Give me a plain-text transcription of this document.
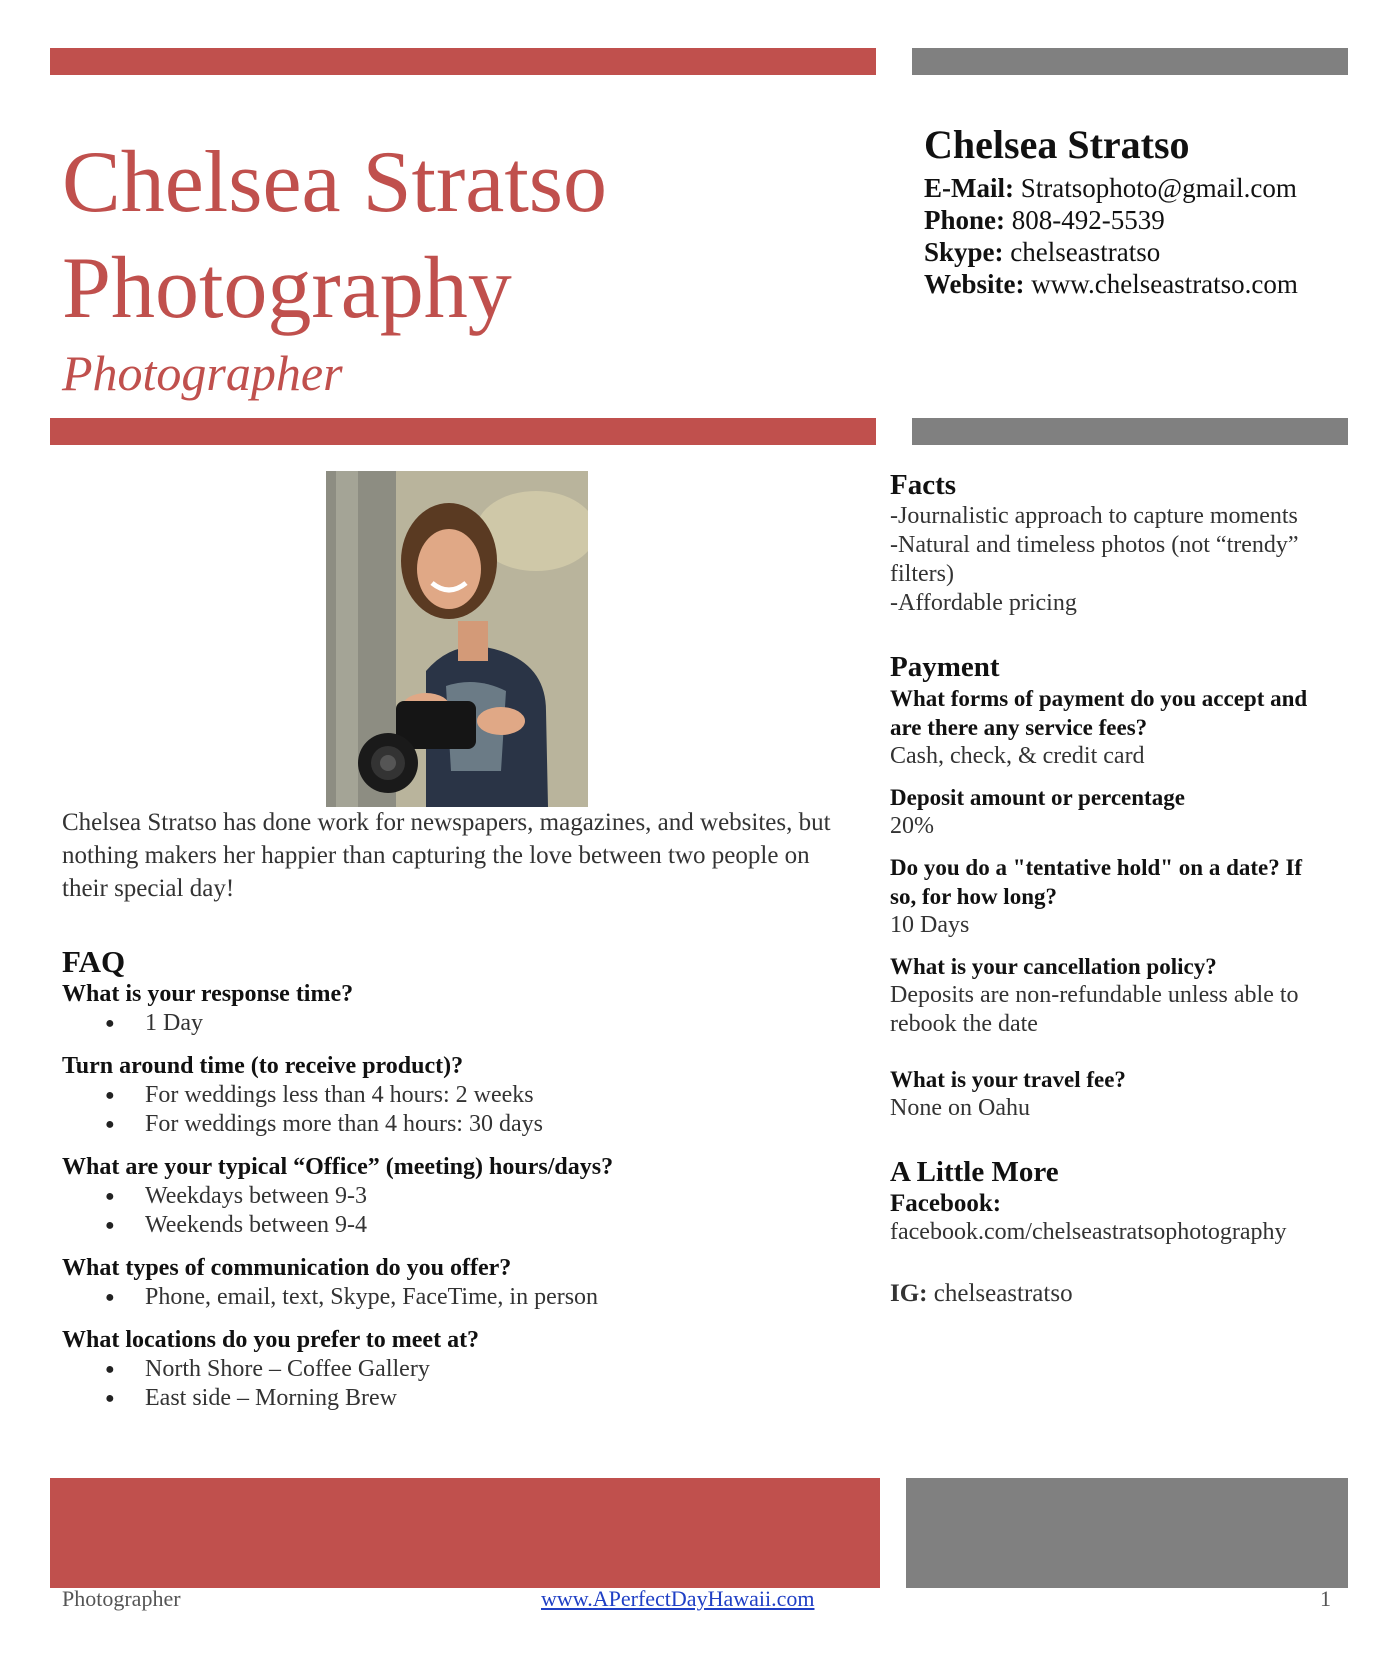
Chelsea Stratso
Photography
Photographer
Chelsea Stratso
E-Mail: Stratsophoto@gmail.com
Phone: 808-492-5539
Skype: chelseastratso
Website: www.chelseastratso.com
Chelsea Stratso has done work for newspapers, magazines, and websites, but nothing makers her happier than capturing the love between two people on their special day!
FAQ
What is your response time?
● 1 Day
Turn around time (to receive product)?
● For weddings less than 4 hours: 2 weeks
● For weddings more than 4 hours: 30 days
What are your typical “Office” (meeting) hours/days?
● Weekdays between 9-3
● Weekends between 9-4
What types of communication do you offer?
● Phone, email, text, Skype, FaceTime, in person
What locations do you prefer to meet at?
● North Shore – Coffee Gallery
● East side – Morning Brew
Facts
-Journalistic approach to capture moments
-Natural and timeless photos (not “trendy” filters)
-Affordable pricing
Payment
What forms of payment do you accept and are there any service fees?
Cash, check, & credit card
Deposit amount or percentage
20%
Do you do a "tentative hold" on a date? If so, for how long?
10 Days
What is your cancellation policy?
Deposits are non-refundable unless able to rebook the date
What is your travel fee?
None on Oahu
A Little More
Facebook:
facebook.com/chelseastratsophotography
IG: chelseastratso
Photographer	www.APerfectDayHawaii.com	1
